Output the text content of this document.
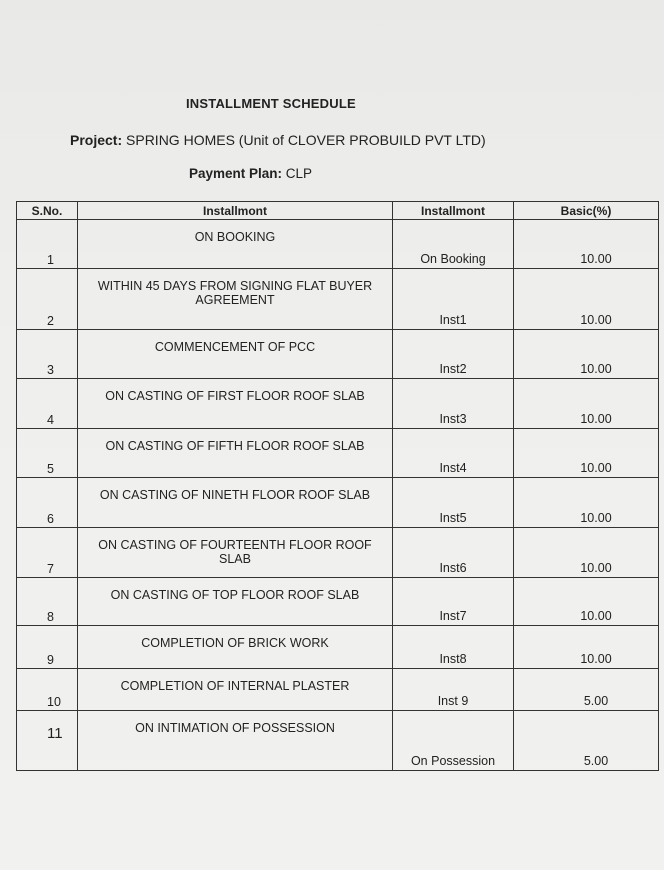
INSTALLMENT SCHEDULE
Project: SPRING HOMES (Unit of CLOVER PROBUILD PVT LTD)
Payment Plan: CLP
S.No.	Installmont	Installmont	Basic(%)
1	ON BOOKING	On Booking	10.00
2	WITHIN 45 DAYS FROM SIGNING FLAT BUYER AGREEMENT	Inst1	10.00
3	COMMENCEMENT OF PCC	Inst2	10.00
4	ON CASTING OF FIRST FLOOR ROOF SLAB	Inst3	10.00
5	ON CASTING OF FIFTH FLOOR ROOF SLAB	Inst4	10.00
6	ON CASTING OF NINETH FLOOR ROOF SLAB	Inst5	10.00
7	ON CASTING OF FOURTEENTH FLOOR ROOF SLAB	Inst6	10.00
8	ON CASTING OF TOP FLOOR ROOF SLAB	Inst7	10.00
9	COMPLETION OF BRICK WORK	Inst8	10.00
10	COMPLETION OF INTERNAL PLASTER	Inst 9	5.00
11	ON INTIMATION OF POSSESSION	On Possession	5.00
